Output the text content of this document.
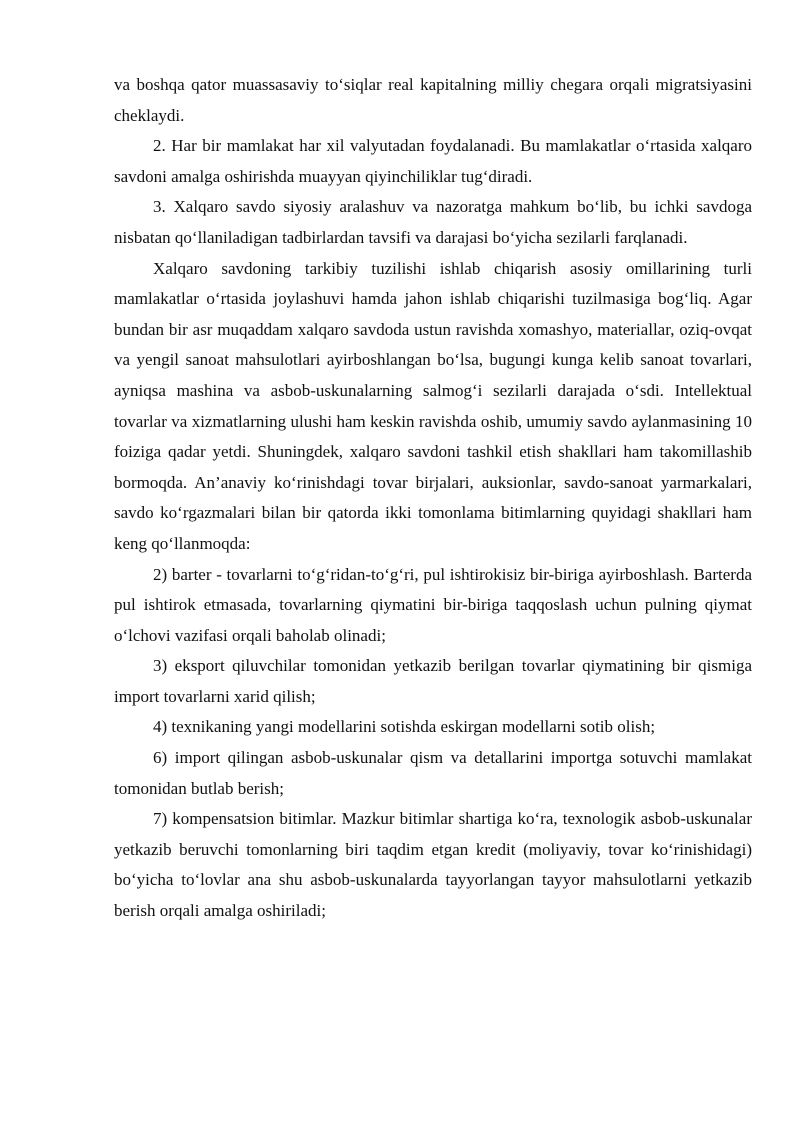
va boshqa qator muassasaviy to‘siqlar real kapitalning milliy chegara orqali migratsiyasini cheklaydi.

2. Har bir mamlakat har xil valyutadan foydalanadi. Bu mamlakatlar o‘rtasida xalqaro savdoni amalga oshirishda muayyan qiyinchiliklar tug‘diradi.

3. Xalqaro savdo siyosiy aralashuv va nazoratga mahkum bo‘lib, bu ichki savdoga nisbatan qo‘llaniladigan tadbirlardan tavsifi va darajasi bo‘yicha sezilarli farqlanadi.

Xalqaro savdoning tarkibiy tuzilishi ishlab chiqarish asosiy omillarining turli mamlakatlar o‘rtasida joylashuvi hamda jahon ishlab chiqarishi tuzilmasiga bog‘liq. Agar bundan bir asr muqaddam xalqaro savdoda ustun ravishda xomashyo, materiallar, oziq-ovqat va yengil sanoat mahsulotlari ayirboshlangan bo‘lsa, bugungi kunga kelib sanoat tovarlari, ayniqsa mashina va asbob-uskunalarning salmog‘i sezilarli darajada o‘sdi. Intellektual tovarlar va xizmatlarning ulushi ham keskin ravishda oshib, umumiy savdo aylanmasining 10 foiziga qadar yetdi. Shuningdek, xalqaro savdoni tashkil etish shakllari ham takomillashib bormoqda. An’anaviy ko‘rinishdagi tovar birjalari, auksionlar, savdo-sanoat yarmarkalari, savdo ko‘rgazmalari bilan bir qatorda ikki tomonlama bitimlarning quyidagi shakllari ham keng qo‘llanmoqda:

2) barter - tovarlarni to‘g‘ridan-to‘g‘ri, pul ishtirokisiz bir-biriga ayirboshlash. Barterda pul ishtirok etmasada, tovarlarning qiymatini bir-biriga taqqoslash uchun pulning qiymat o‘lchovi vazifasi orqali baholab olinadi;

3) eksport qiluvchilar tomonidan yetkazib berilgan tovarlar qiymatining bir qismiga import tovarlarni xarid qilish;

4) texnikaning yangi modellarini sotishda eskirgan modellarni sotib olish;

6) import qilingan asbob-uskunalar qism va detallarini importga sotuvchi mamlakat tomonidan butlab berish;

7) kompensatsion bitimlar. Mazkur bitimlar shartiga ko‘ra, texnologik asbob-uskunalar yetkazib beruvchi tomonlarning biri taqdim etgan kredit (moliyaviy, tovar ko‘rinishidagi) bo‘yicha to‘lovlar ana shu asbob-uskunalarda tayyorlangan tayyor mahsulotlarni yetkazib berish orqali amalga oshiriladi;
